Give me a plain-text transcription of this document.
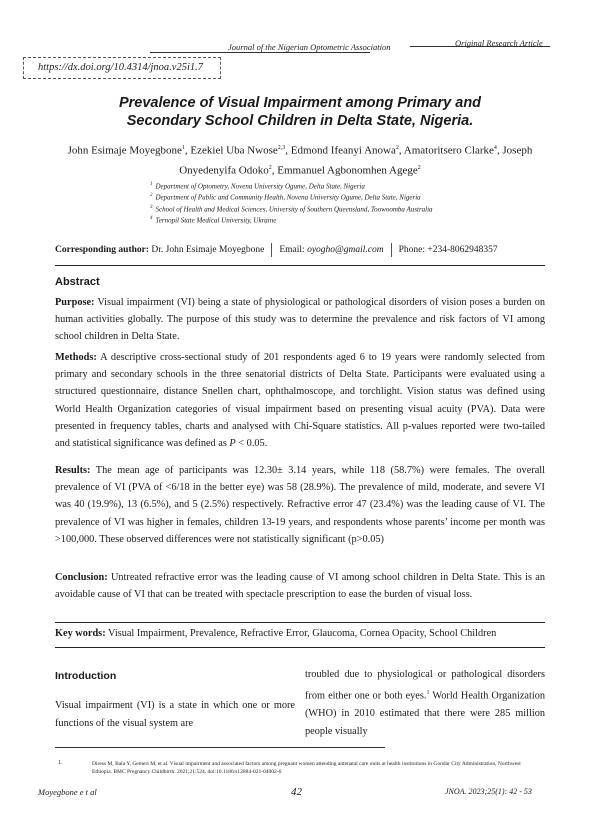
Journal of the Nigerian Optometric Association	Original Research Article
https://dx.doi.org/10.4314/jnoa.v25i1.7
Prevalence of Visual Impairment among Primary and
Secondary School Children in Delta State, Nigeria.
John Esimaje Moyegbone$^1$, Ezekiel Uba Nwose$^{2,3}$, Edmond Ifeanyi Anowa$^2$, Amatoritsero Clarke$^4$, Joseph Onyedenyifa Odoko$^2$, Emmanuel Agbonomhen Agege$^2$
$^1$ Department of Optometry, Novena University Ogume, Delta State, Nigeria
$^2$ Department of Public and Community Health, Novena University Ogume, Delta State, Nigeria
$^3$ School of Health and Medical Sciences, University of Southern Queensland, Toowoomba Australia
$^4$ Ternopil State Medical University, Ukraine
Corresponding author: Dr. John Esimaje Moyegbone Email: oyogho@gmail.com Phone: +234-8062948357
Abstract
Purpose: Visual impairment (VI) being a state of physiological or pathological disorders of vision poses a burden on human activities globally. The purpose of this study was to determine the prevalence and risk factors of VI among school children in Delta State.
Methods: A descriptive cross-sectional study of 201 respondents aged 6 to 19 years were randomly selected from primary and secondary schools in the three senatorial districts of Delta State. Participants were evaluated using a structured questionnaire, distance Snellen chart, ophthalmoscope, and torchlight. Vision status was defined using World Health Organization categories of visual impairment based on presenting visual acuity (PVA). Data were presented in frequency tables, charts and analysed with Chi-Square statistics. All p-values reported were two-tailed and statistical significance was defined as P < 0.05.
Results: The mean age of participants was 12.30± 3.14 years, while 118 (58.7%) were females. The overall prevalence of VI (PVA of <6/18 in the better eye) was 58 (28.9%). The prevalence of mild, moderate, and severe VI was 40 (19.9%), 13 (6.5%), and 5 (2.5%) respectively. Refractive error 47 (23.4%) was the leading cause of VI. The prevalence of VI was higher in females, children 13-19 years, and respondents whose parents’ income per month was >100,000. These observed differences were not statistically significant (p>0.05)
Conclusion: Untreated refractive error was the leading cause of VI among school children in Delta State. This is an avoidable cause of VI that can be treated with spectacle prescription to ease the burden of visual loss.
Key words: Visual Impairment, Prevalence, Refractive Error, Glaucoma, Cornea Opacity, School Children
Introduction
Visual impairment (VI) is a state in which one or more functions of the visual system are
troubled due to physiological or pathological disorders from either one or both eyes.$^1$ World Health Organization (WHO) in 2010 estimated that there were 285 million people visually
1.	Diress M, Bala Y, Gemeri M, et al. Visual impairment and associated factors among pregnant women attending antenatal care units at health institutions in Gondar City Administration, Northwest Ethiopia. BMC Pregnancy Childbirth. 2021;21:524. doi:10.1186/s12884-021-04002-6
Moyegbone e t al	42	JNOA. 2023;25(1): 42 - 53
